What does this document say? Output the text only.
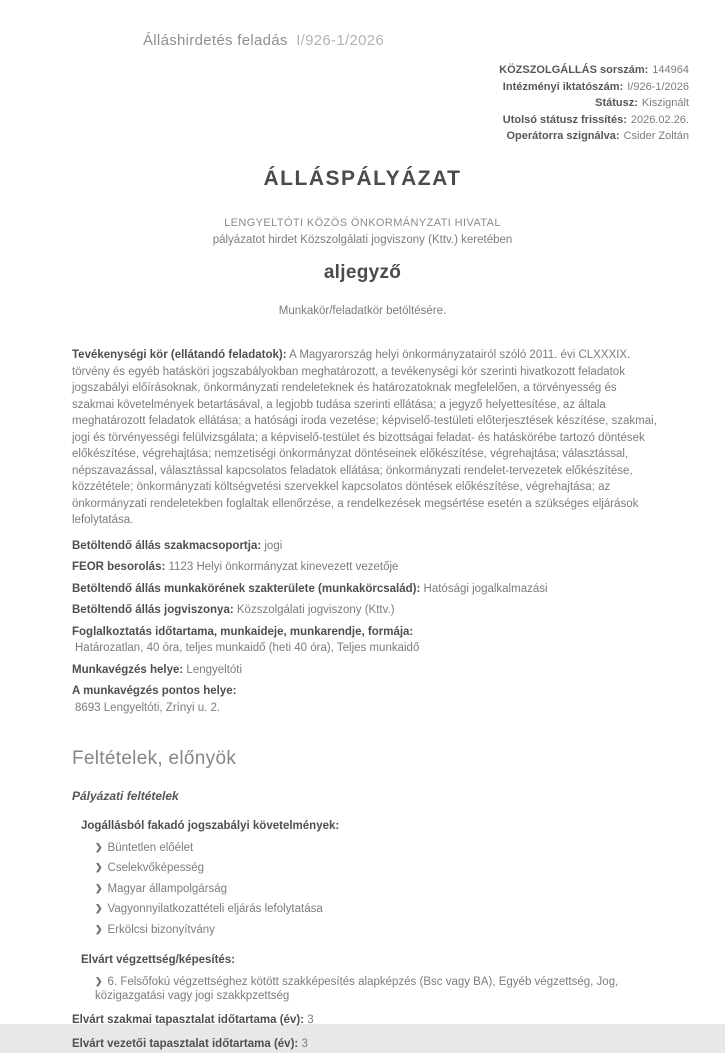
Álláshirdetés feladás I/926-1/2026
KÖZSZOLGÁLLÁS sorszám: 144964
Intézményi iktatószám: I/926-1/2026
Státusz: Kiszignált
Utolsó státusz frissítés: 2026.02.26.
Operátorra szignálva: Csider Zoltán
ÁLLÁSPÁLYÁZAT
LENGYELTÓTI KÖZÖS ÖNKORMÁNYZATI HIVATAL
pályázatot hirdet Közszolgálati jogviszony (Kttv.) keretében
aljegyző
Munkakör/feladatkör betöltésére.

Tevékenységi kör (ellátandó feladatok): A Magyarország helyi önkormányzatairól szóló 2011. évi CLXXXIX. törvény és egyéb hatásköri jogszabályokban meghatározott, a tevékenységi kör szerinti hivatkozott feladatok jogszabályi előírásoknak, önkormányzati rendeleteknek és határozatoknak megfelelően, a törvényesség és szakmai követelmények betartásával, a legjobb tudása szerinti ellátása; a jegyző helyettesítése, az általa meghatározott feladatok ellátása; a hatósági iroda vezetése; képviselő-testületi előterjesztések készítése, szakmai, jogi és törvényességi felülvizsgálata; a képviselő-testület és bizottságai feladat- és hatáskörébe tartozó döntések előkészítése, végrehajtása; nemzetiségi önkormányzat döntéseinek előkészítése, végrehajtása; választással, népszavazással, választással kapcsolatos feladatok ellátása; önkormányzati rendelet-tervezetek előkészítése, közzététele; önkormányzati költségvetési szervekkel kapcsolatos döntések előkészítése, végrehajtása; az önkormányzati rendeletekben foglaltak ellenőrzése, a rendelkezések megsértése esetén a szükséges eljárások lefolytatása.

Betöltendő állás szakmacsoportja: jogi

FEOR besorolás: 1123 Helyi önkormányzat kinevezett vezetője

Betöltendő állás munkakörének szakterülete (munkakörcsalád): Hatósági jogalkalmazási

Betöltendő állás jogviszonya: Közszolgálati jogviszony (Kttv.)

Foglalkoztatás időtartama, munkaideje, munkarendje, formája:
Határozatlan, 40 óra, teljes munkaidő (heti 40 óra), Teljes munkaidő

Munkavégzés helye: Lengyeltóti

A munkavégzés pontos helye:
8693 Lengyeltóti, Zrínyi u. 2.

Feltételek, előnyök
Pályázati feltételek

Jogállásból fakadó jogszabályi követelmények:

❯ Büntetlen előélet
❯ Cselekvőképesség
❯ Magyar állampolgárság
❯ Vagyonnyilatkozattételi eljárás lefolytatása
❯ Erkölcsi bizonyítvány

Elvárt végzettség/képesítés:

❯ 6. Felsőfokú végzettséghez kötött szakképesítés alapképzés (Bsc vagy BA), Egyéb végzettség, Jog, közigazgatási vagy jogi szakkpzettség

Elvárt szakmai tapasztalat időtartama (év): 3

Elvárt vezetői tapasztalat időtartama (év): 3
